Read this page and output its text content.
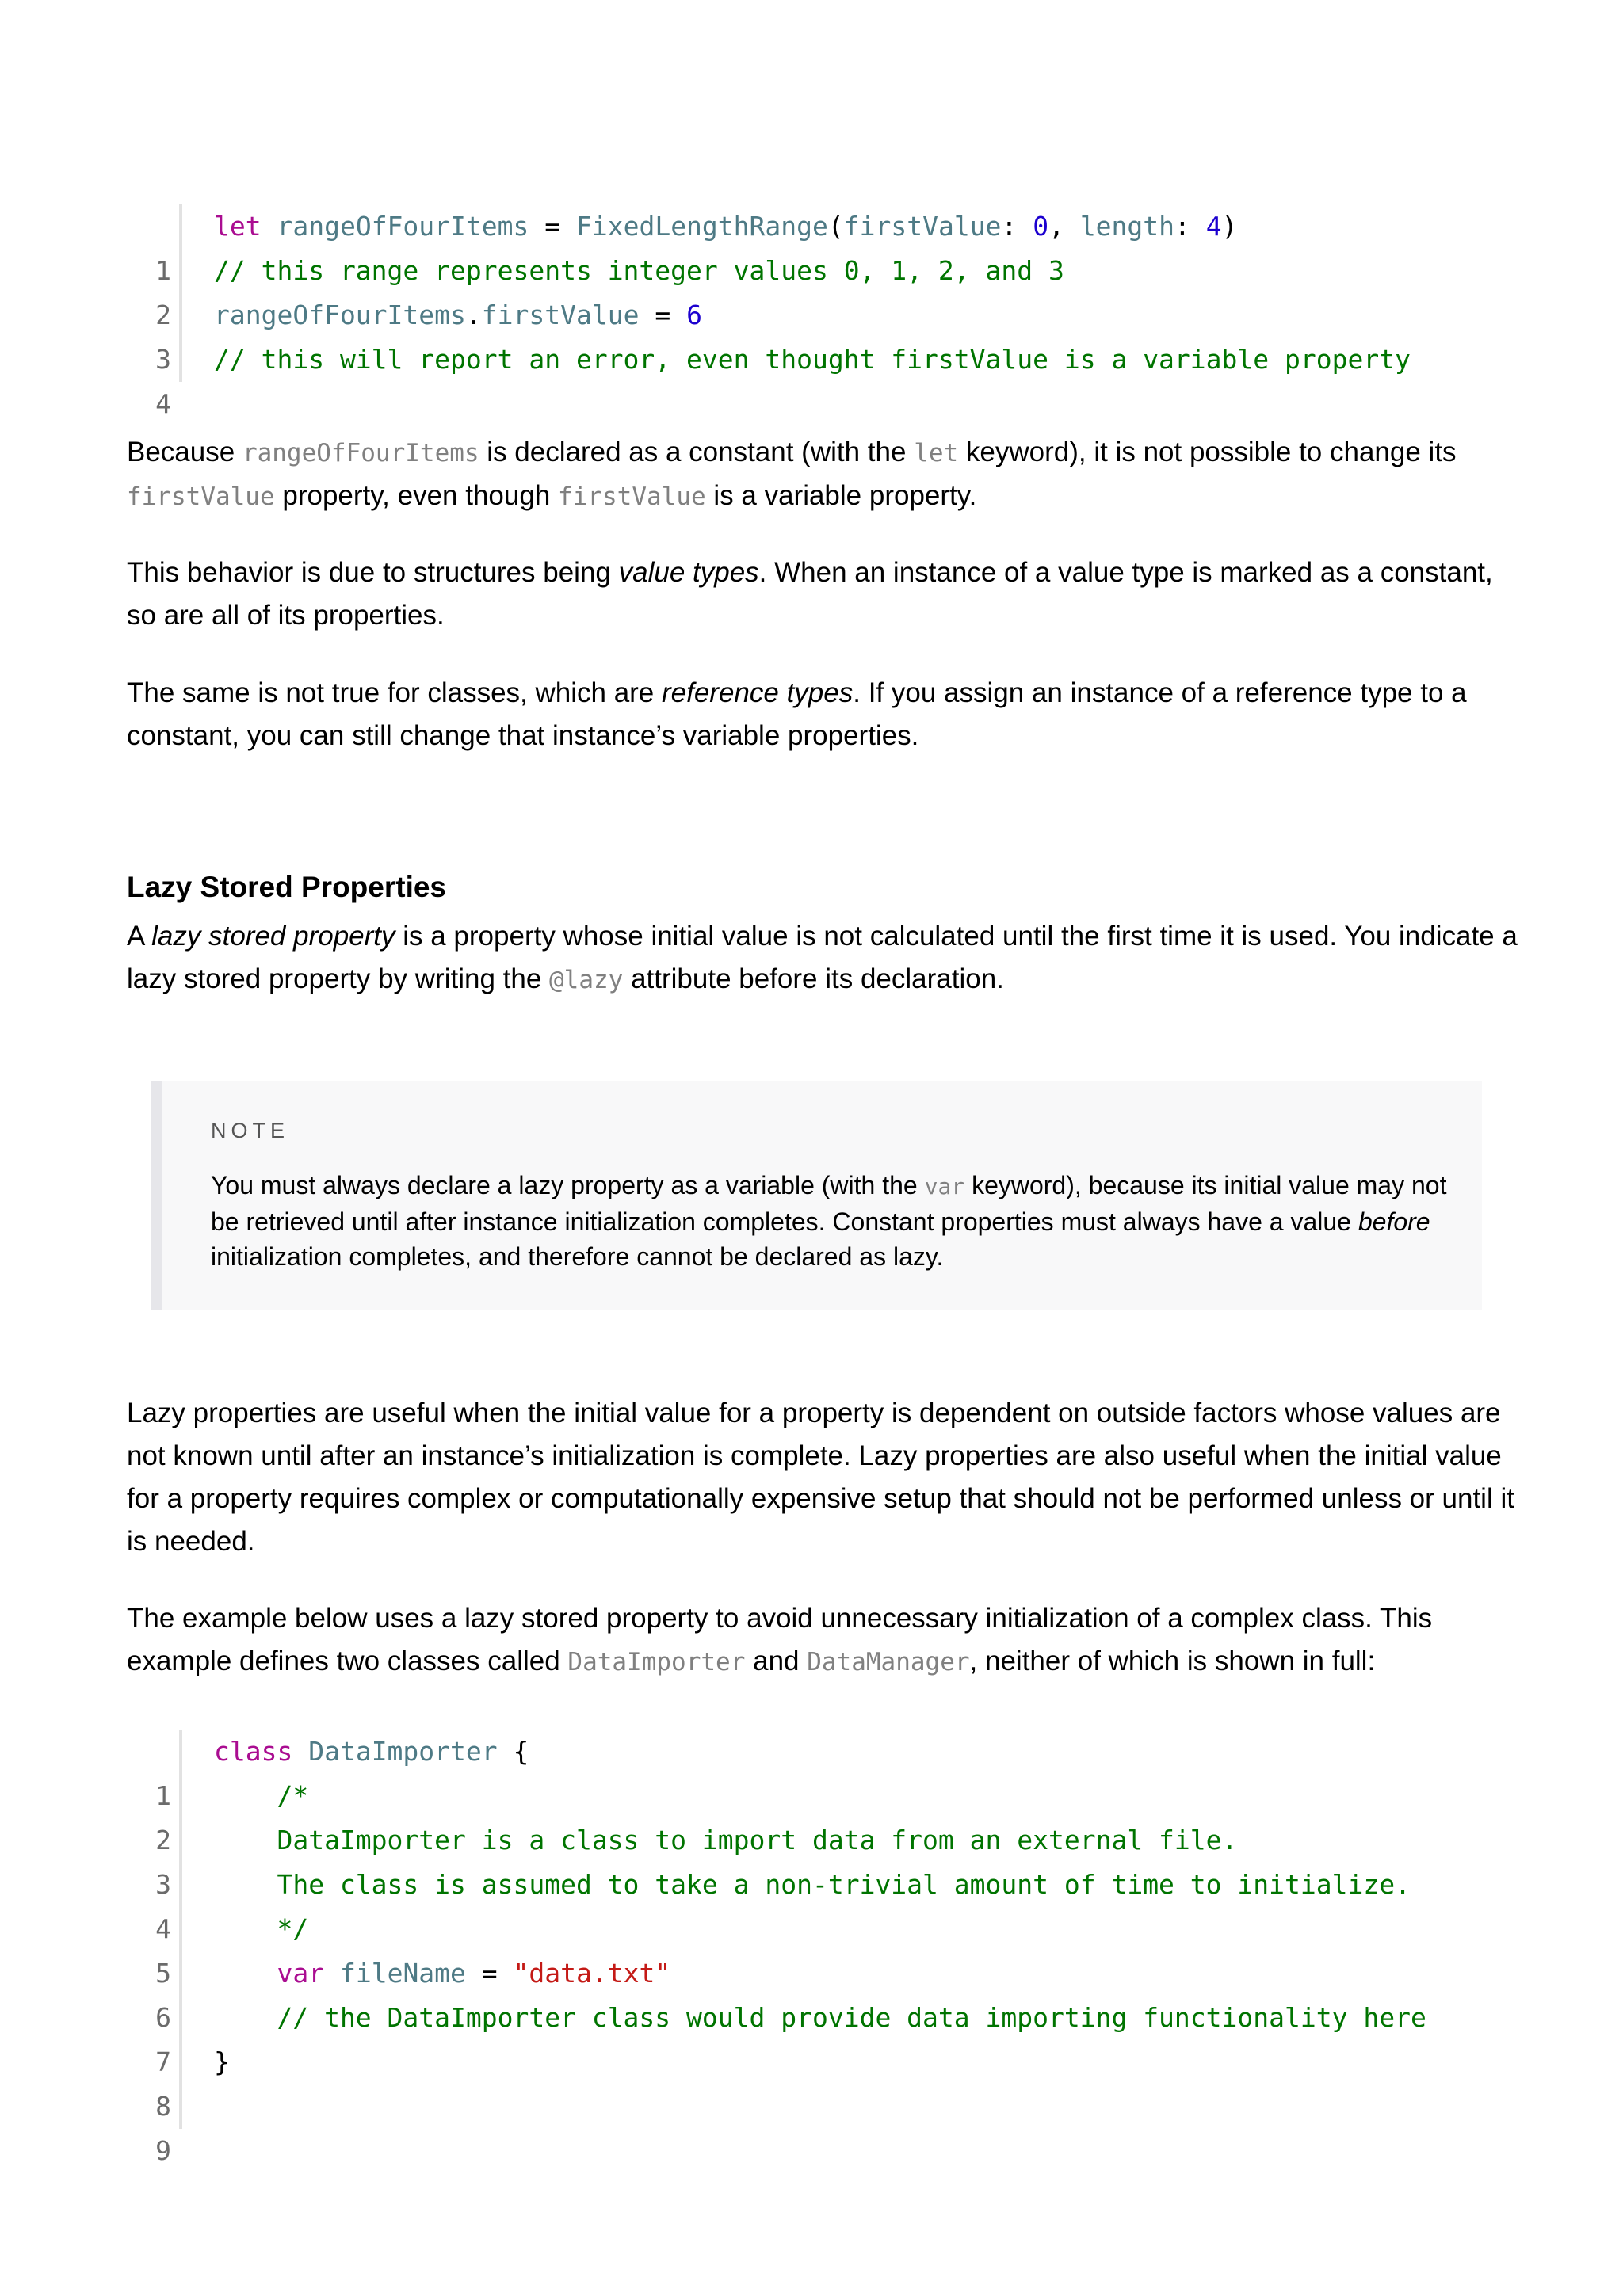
1

let rangeOfFourItems = FixedLengthRange(firstValue: 0, length: 4)

2

// this range represents integer values 0, 1, 2, and 3

3

rangeOfFourItems.firstValue = 6

4

// this will report an error, even thought firstValue is a variable property

Because rangeOfFourItems is declared as a constant (with the let keyword), it is not possible to change its firstValue property, even though firstValue is a variable property.

This behavior is due to structures being value types. When an instance of a value type is marked as a constant, so are all of its properties.

The same is not true for classes, which are reference types. If you assign an instance of a reference type to a constant, you can still change that instance’s variable properties.

Lazy Stored Properties

A lazy stored property is a property whose initial value is not calculated until the first time it is used. You indicate a lazy stored property by writing the @lazy attribute before its declaration.

NOTE

You must always declare a lazy property as a variable (with the var keyword), because its initial value may not be retrieved until after instance initialization completes. Constant properties must always have a value before initialization completes, and therefore cannot be declared as lazy.

Lazy properties are useful when the initial value for a property is dependent on outside factors whose values are not known until after an instance’s initialization is complete. Lazy properties are also useful when the initial value for a property requires complex or computationally expensive setup that should not be performed unless or until it is needed.

The example below uses a lazy stored property to avoid unnecessary initialization of a complex class. This example defines two classes called DataImporter and DataManager, neither of which is shown in full:

1

class DataImporter {

2

/*

3

DataImporter is a class to import data from an external file.

4

The class is assumed to take a non-trivial amount of time to initialize.

5

*/

6

var fileName = "data.txt"

7

// the DataImporter class would provide data importing functionality here

8

}

9
